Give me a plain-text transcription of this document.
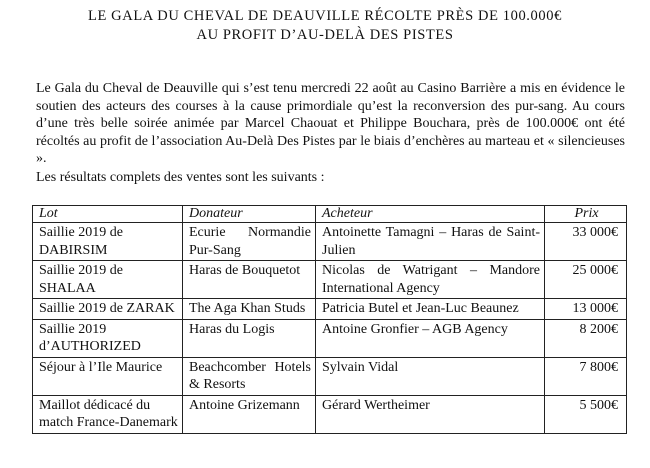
LE GALA DU CHEVAL DE DEAUVILLE RÉCOLTE PRÈS DE 100.000€
AU PROFIT D’AU-DELÀ DES PISTES

Le Gala du Cheval de Deauville qui s’est tenu mercredi 22 août au Casino Barrière a mis en évidence le soutien des acteurs des courses à la cause primordiale qu’est la reconversion des pur-sang. Au cours d’une très belle soirée animée par Marcel Chaouat et Philippe Bouchara, près de 100.000€ ont été récoltés au profit de l’association Au-Delà Des Pistes par le biais d’enchères au marteau et « silencieuses ».

Les résultats complets des ventes sont les suivants :
Lot	Donateur	Acheteur	Prix
Saillie 2019 de DABIRSIM	Ecurie Normandie Pur-Sang	Antoinette Tamagni – Haras de Saint-Julien	33 000€
Saillie 2019 de SHALAA	Haras de Bouquetot	Nicolas de Watrigant – Mandore International Agency	25 000€
Saillie 2019 de ZARAK	The Aga Khan Studs	Patricia Butel et Jean-Luc Beaunez	13 000€
Saillie 2019 d’AUTHORIZED	Haras du Logis	Antoine Gronfier – AGB Agency	8 200€
Séjour à l’Ile Maurice	Beachcomber Hotels & Resorts	Sylvain Vidal	7 800€
Maillot dédicacé du match France-Danemark	Antoine Grizemann	Gérard Wertheimer	5 500€
